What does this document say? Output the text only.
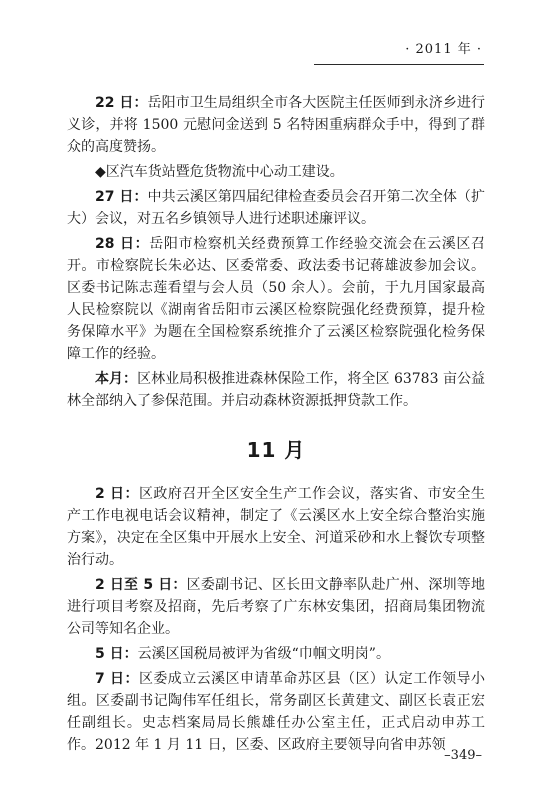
· 2011 年 ·

22 日：岳阳市卫生局组织全市各大医院主任医师到永济乡进行义诊，并将 1500 元慰问金送到 5 名特困重病群众手中，得到了群众的高度赞扬。

◆区汽车货站暨危货物流中心动工建设。

27 日：中共云溪区第四届纪律检查委员会召开第二次全体（扩大）会议，对五名乡镇领导人进行述职述廉评议。

28 日：岳阳市检察机关经费预算工作经验交流会在云溪区召开。市检察院长朱必达、区委常委、政法委书记蒋雄波参加会议。区委书记陈志莲看望与会人员（50 余人）。会前，于九月国家最高人民检察院以《湖南省岳阳市云溪区检察院强化经费预算，提升检务保障水平》为题在全国检察系统推介了云溪区检察院强化检务保障工作的经验。

本月：区林业局积极推进森林保险工作，将全区 63783 亩公益林全部纳入了参保范围。并启动森林资源抵押贷款工作。

11 月

2 日：区政府召开全区安全生产工作会议，落实省、市安全生产工作电视电话会议精神，制定了《云溪区水上安全综合整治实施方案》，决定在全区集中开展水上安全、河道采砂和水上餐饮专项整治行动。

2 日至 5 日：区委副书记、区长田文静率队赴广州、深圳等地进行项目考察及招商，先后考察了广东林安集团，招商局集团物流公司等知名企业。

5 日：云溪区国税局被评为省级“巾帼文明岗”。

7 日：区委成立云溪区申请革命苏区县（区）认定工作领导小组。区委副书记陶伟军任组长，常务副区长黄建文、副区长袁正宏任副组长。史志档案局局长熊雄任办公室主任，正式启动申苏工作。2012 年 1 月 11 日，区委、区政府主要领导向省申苏领

–349–
